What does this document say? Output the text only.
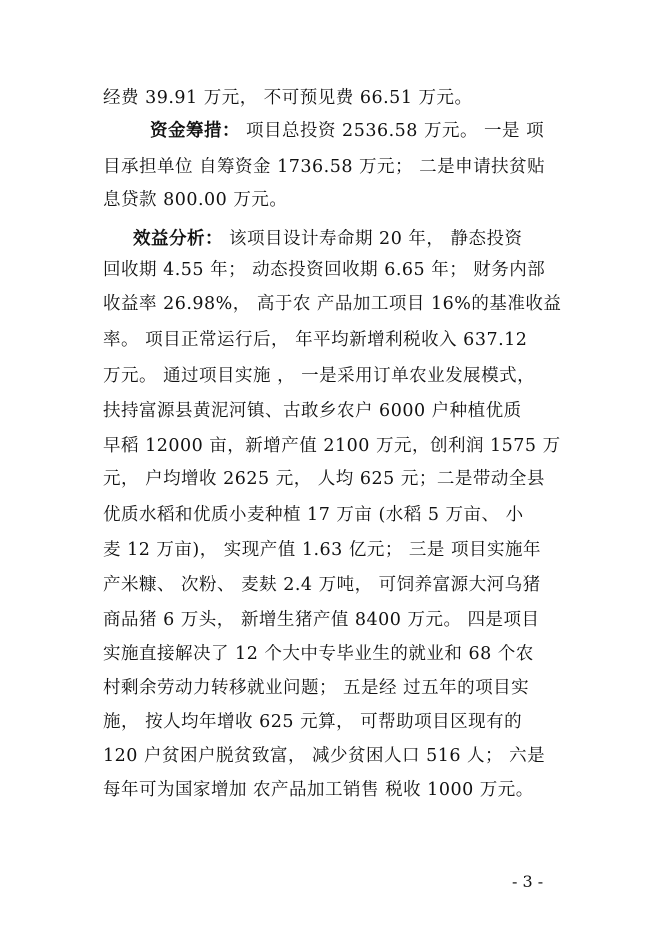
经费 39.91 万元， 不可预见费 66.51 万元。
资金筹措： 项目总投资 2536.58 万元。 一是 项
目承担单位 自筹资金 1736.58 万元； 二是申请扶贫贴
息贷款 800.00 万元。
效益分析： 该项目设计寿命期 20 年， 静态投资
回收期 4.55 年； 动态投资回收期 6.65 年； 财务内部
收益率 26.98%， 高于农 产品加工项目 16%的基准收益
率。 项目正常运行后， 年平均新增利税收入 637.12
万元。 通过项目实施 ， 一是采用订单农业发展模式，
扶持富源县黄泥河镇、古敢乡农户 6000 户种植优质
早稻 12000 亩，新增产值 2100 万元，创利润 1575 万
元， 户均增收 2625 元， 人均 625 元；二是带动全县
优质水稻和优质小麦种植 17 万亩 (水稻 5 万亩、 小
麦 12 万亩)， 实现产值 1.63 亿元； 三是 项目实施年
产米糠、 次粉、 麦麸 2.4 万吨， 可饲养富源大河乌猪
商品猪 6 万头， 新增生猪产值 8400 万元。 四是项目
实施直接解决了 12 个大中专毕业生的就业和 68 个农
村剩余劳动力转移就业问题； 五是经 过五年的项目实
施， 按人均年增收 625 元算， 可帮助项目区现有的
120 户贫困户脱贫致富， 减少贫困人口 516 人； 六是
每年可为国家增加 农产品加工销售 税收 1000 万元。
- 3 -
